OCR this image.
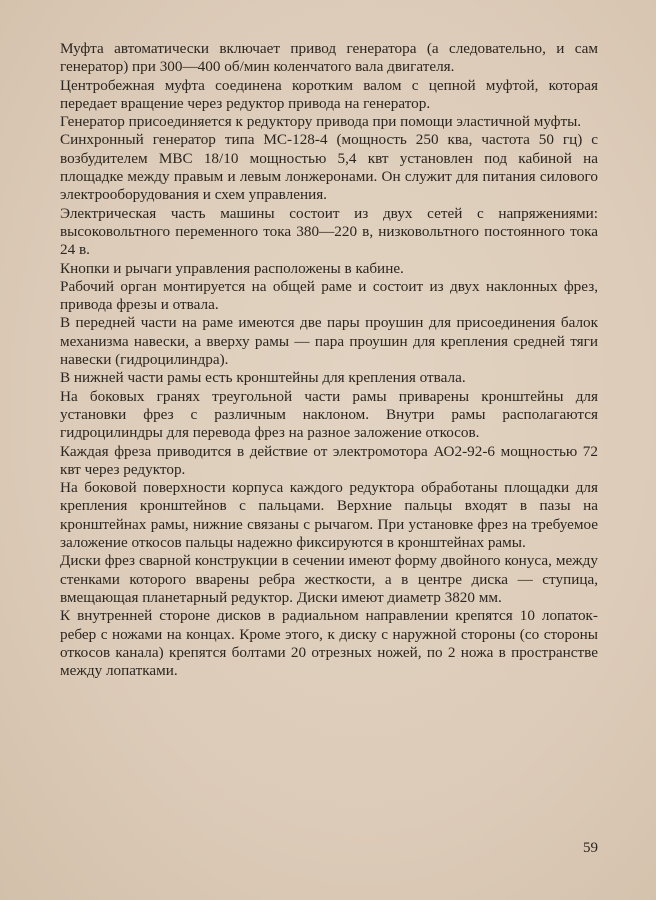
Муфта автоматически включает привод генератора (а следовательно, и сам генератор) при 300—400 об/мин коленчатого вала двигателя.

Центробежная муфта соединена коротким валом с цепной муфтой, которая передает вращение через редуктор привода на генератор.

Генератор присоединяется к редуктору привода при помощи эластичной муфты.

Синхронный генератор типа МС-128-4 (мощность 250 ква, частота 50 гц) с возбудителем МВС 18/10 мощностью 5,4 квт установлен под кабиной на площадке между правым и левым лонжеронами. Он служит для питания силового электрооборудования и схем управления.

Электрическая часть машины состоит из двух сетей с напряжениями: высоковольтного переменного тока 380—220 в, низковольтного постоянного тока 24 в.

Кнопки и рычаги управления расположены в кабине.

Рабочий орган монтируется на общей раме и состоит из двух наклонных фрез, привода фрезы и отвала.

В передней части на раме имеются две пары проушин для присоединения балок механизма навески, а вверху рамы — пара проушин для крепления средней тяги навески (гидроцилиндра).

В нижней части рамы есть кронштейны для крепления отвала.

На боковых гранях треугольной части рамы приварены кронштейны для установки фрез с различным наклоном. Внутри рамы располагаются гидроцилиндры для перевода фрез на разное заложение откосов.

Каждая фреза приводится в действие от электромотора АО2-92-6 мощностью 72 квт через редуктор.

На боковой поверхности корпуса каждого редуктора обработаны площадки для крепления кронштейнов с пальцами. Верхние пальцы входят в пазы на кронштейнах рамы, нижние связаны с рычагом. При установке фрез на требуемое заложение откосов пальцы надежно фиксируются в кронштейнах рамы.

Диски фрез сварной конструкции в сечении имеют форму двойного конуса, между стенками которого вварены ребра жесткости, а в центре диска — ступица, вмещающая планетарный редуктор. Диски имеют диаметр 3820 мм.

К внутренней стороне дисков в радиальном направлении крепятся 10 лопаток-ребер с ножами на концах. Кроме этого, к диску с наружной стороны (со стороны откосов канала) крепятся болтами 20 отрезных ножей, по 2 ножа в пространстве между лопатками.

59
